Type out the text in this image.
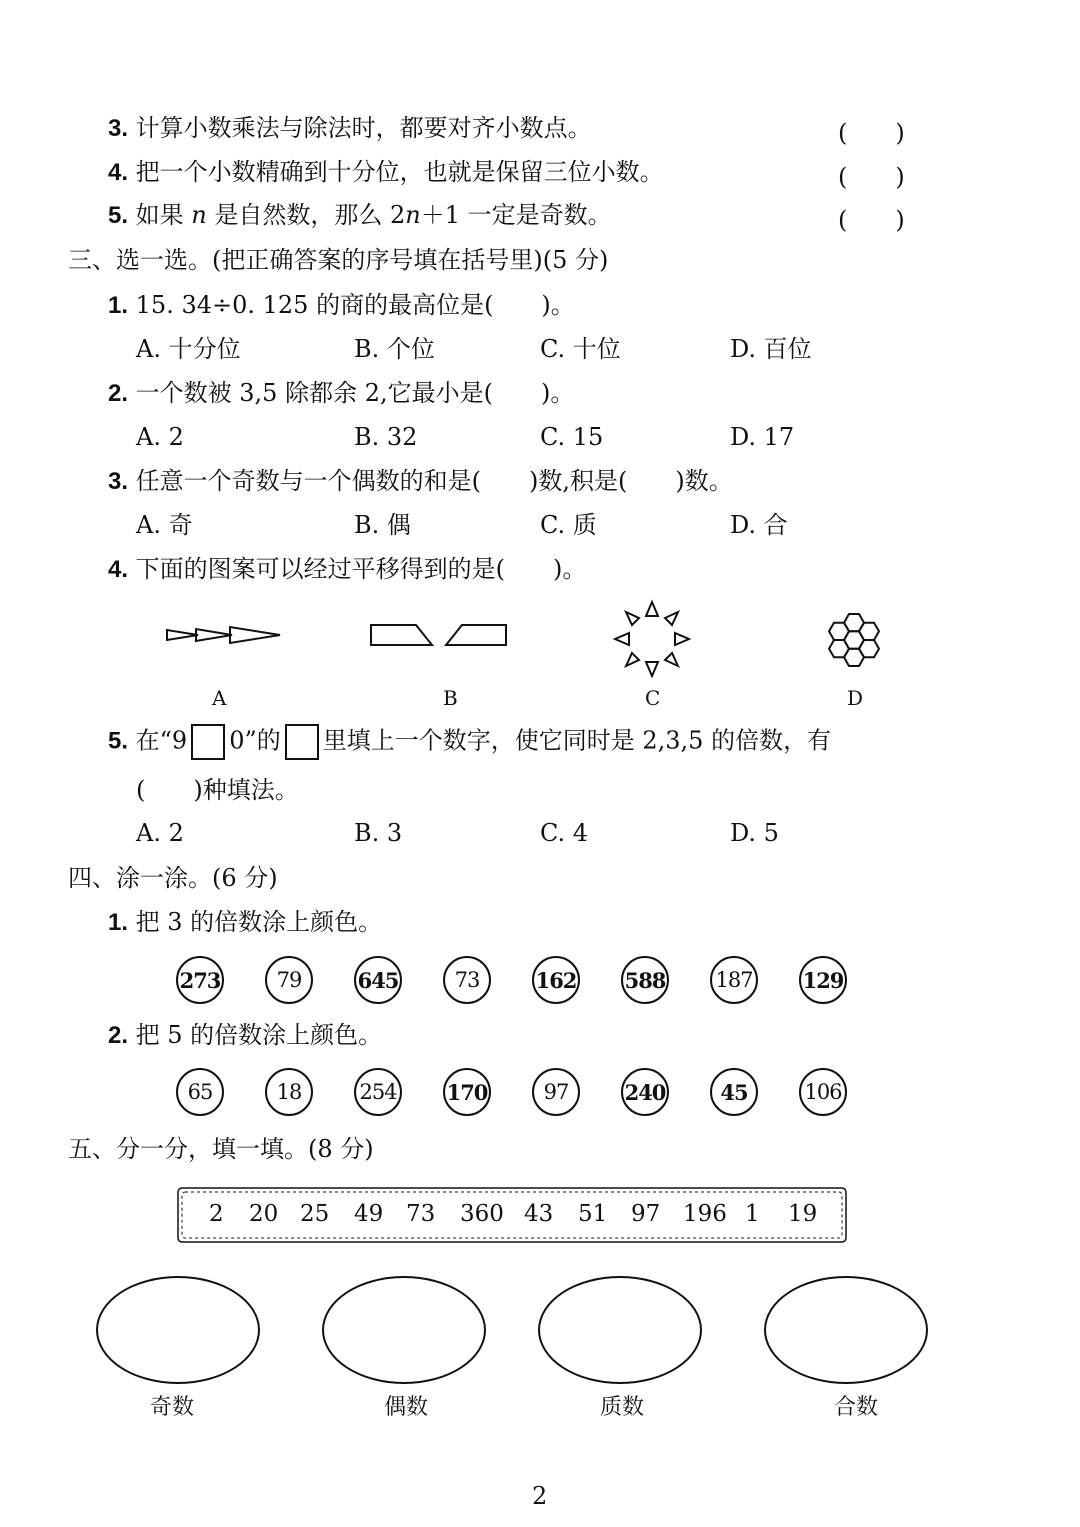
3. 计算小数乘法与除法时，都要对齐小数点。	(　　)
4. 把一个小数精确到十分位，也就是保留三位小数。	(　　)
5. 如果 n 是自然数，那么 2n＋1 一定是奇数。	(　　)
三、选一选。(把正确答案的序号填在括号里)(5 分)
1. 15. 34÷0. 125 的商的最高位是(　　)。
A. 十分位	B. 个位	C. 十位	D. 百位
2. 一个数被 3,5 除都余 2,它最小是(　　)。
A. 2	B. 32	C. 15	D. 17
3. 任意一个奇数与一个偶数的和是(　　)数,积是(　　)数。
A. 奇	B. 偶	C. 质	D. 合
4. 下面的图案可以经过平移得到的是(　　)。
A	B	C	D
5. 在“9 0”的 里填上一个数字，使它同时是 2,3,5 的倍数，有
(　　)种填法。
A. 2	B. 3	C. 4	D. 5
四、涂一涂。(6 分)
1. 把 3 的倍数涂上颜色。
273	79	645	73	162 588 187 129
2. 把 5 的倍数涂上颜色。
65	18	254 170	97	240	45	106
五、分一分，填一填。(8 分)
2 20 25 49 73 360 43 51 97 196 1 19
奇数	偶数	质数	合数
2
